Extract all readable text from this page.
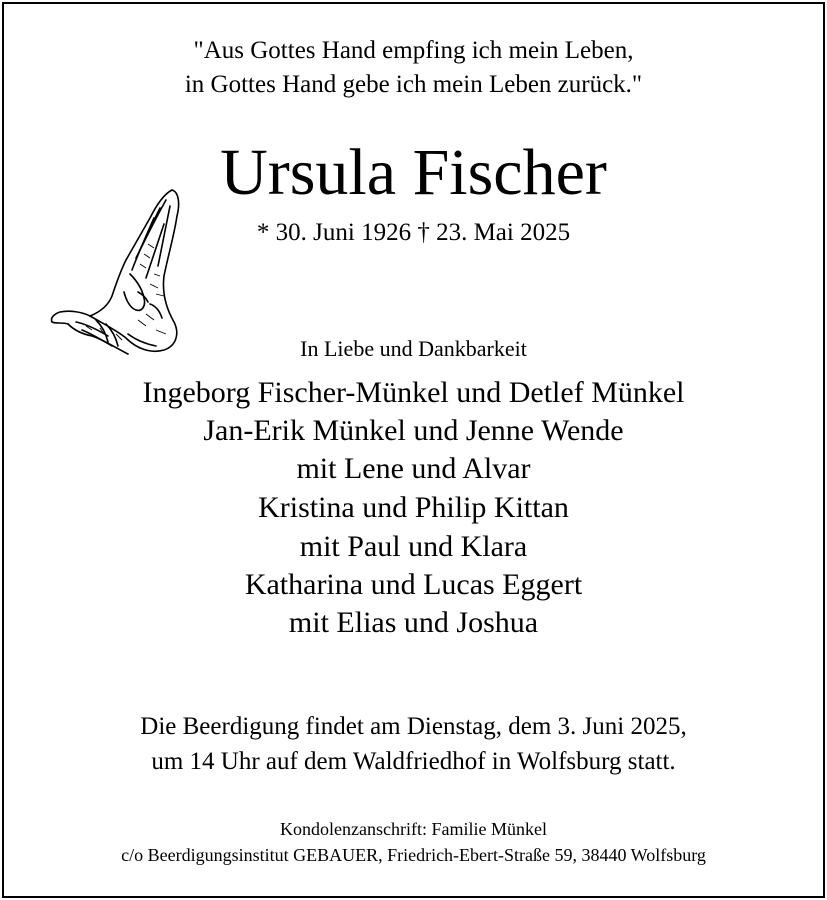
"Aus Gottes Hand empfing ich mein Leben,
in Gottes Hand gebe ich mein Leben zurück."
Ursula Fischer
* 30. Juni 1926 † 23. Mai 2025
In Liebe und Dankbarkeit
Ingeborg Fischer-Münkel und Detlef Münkel
Jan-Erik Münkel und Jenne Wende
mit Lene und Alvar
Kristina und Philip Kittan
mit Paul und Klara
Katharina und Lucas Eggert
mit Elias und Joshua
Die Beerdigung findet am Dienstag, dem 3. Juni 2025,
um 14 Uhr auf dem Waldfriedhof in Wolfsburg statt.
Kondolenzanschrift: Familie Münkel
c/o Beerdigungsinstitut GEBAUER, Friedrich-Ebert-Straße 59, 38440 Wolfsburg
